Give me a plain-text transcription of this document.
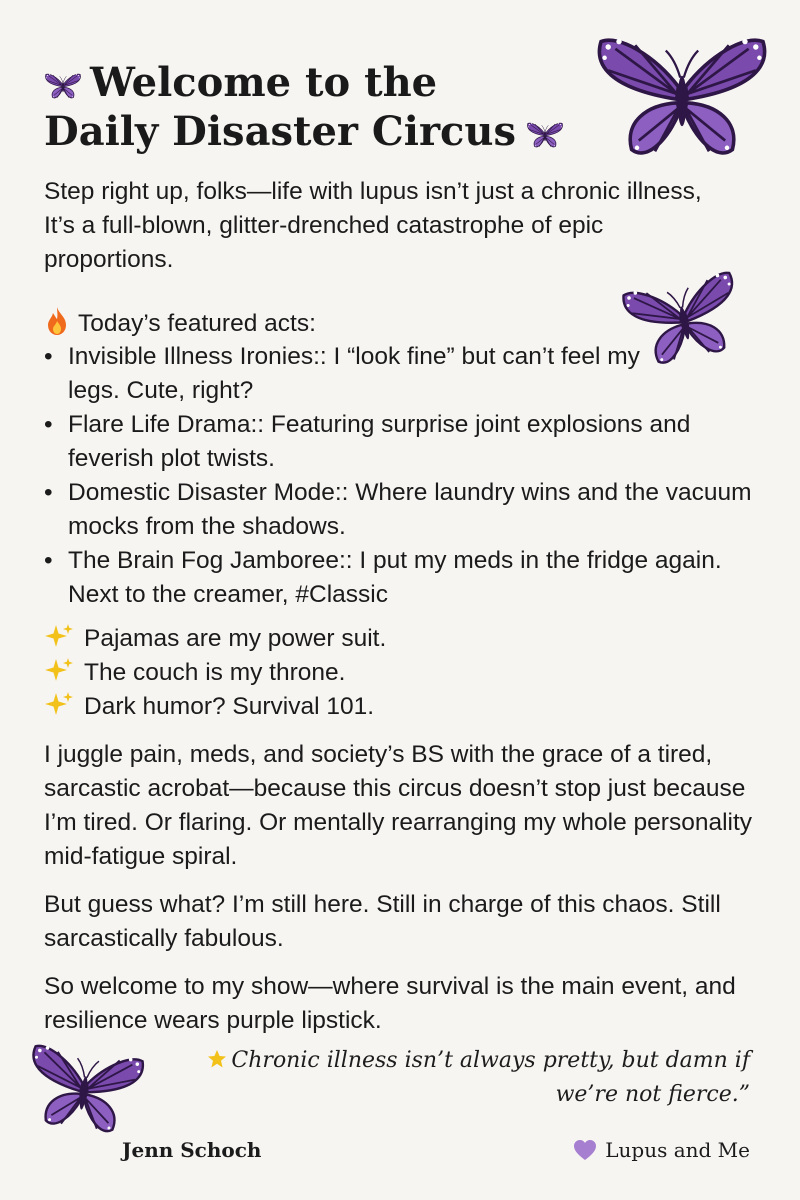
Welcome to the
Daily Disaster Circus

Step right up, folks—life with lupus isn’t just a chronic illness, It’s a full-blown, glitter-drenched catastrophe of epic proportions.

Today’s featured acts:
• Invisible Illness Ironies:: I “look fine” but can’t feel my legs. Cute, right?
• Flare Life Drama:: Featuring surprise joint explosions and feverish plot twists.
• Domestic Disaster Mode:: Where laundry wins and the vacuum mocks from the shadows.
• The Brain Fog Jamboree:: I put my meds in the fridge again. Next to the creamer, #Classic
Pajamas are my power suit.
The couch is my throne.
Dark humor? Survival 101.

I juggle pain, meds, and society’s BS with the grace of a tired, sarcastic acrobat—because this circus doesn’t stop just because I’m tired. Or flaring. Or mentally rearranging my whole personality mid-fatigue spiral.

But guess what? I’m still here. Still in charge of this chaos. Still sarcastically fabulous.

So welcome to my show—where survival is the main event, and resilience wears purple lipstick.

Chronic illness isn’t always pretty, but damn if we’re not fierce.”

Jenn Schoch	Lupus and Me
